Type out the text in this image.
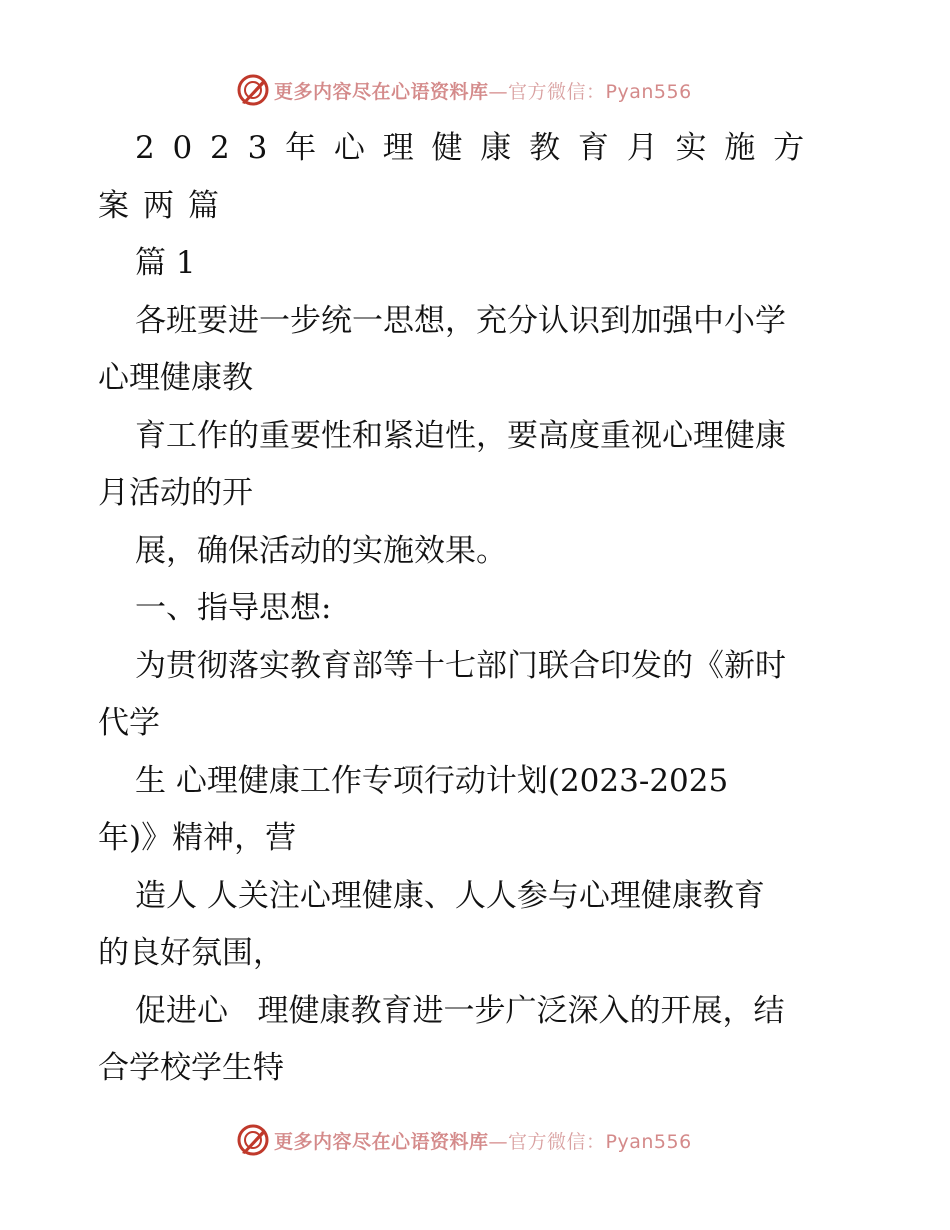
更多内容尽在心语资料库—官方微信：Pyan556
2023年心理健康教育月实施方
案两篇
篇 1
各班要进一步统一思想，充分认识到加强中小学
心理健康教
育工作的重要性和紧迫性，要高度重视心理健康
月活动的开
展，确保活动的实施效果。
一、指导思想:
为贯彻落实教育部等十七部门联合印发的《新时
代学
生 心理健康工作专项行动计划(2023-2025
年)》精神，营
造人 人关注心理健康、人人参与心理健康教育
的良好氛围，
促进心   理健康教育进一步广泛深入的开展，结
合学校学生特
更多内容尽在心语资料库—官方微信：Pyan556
